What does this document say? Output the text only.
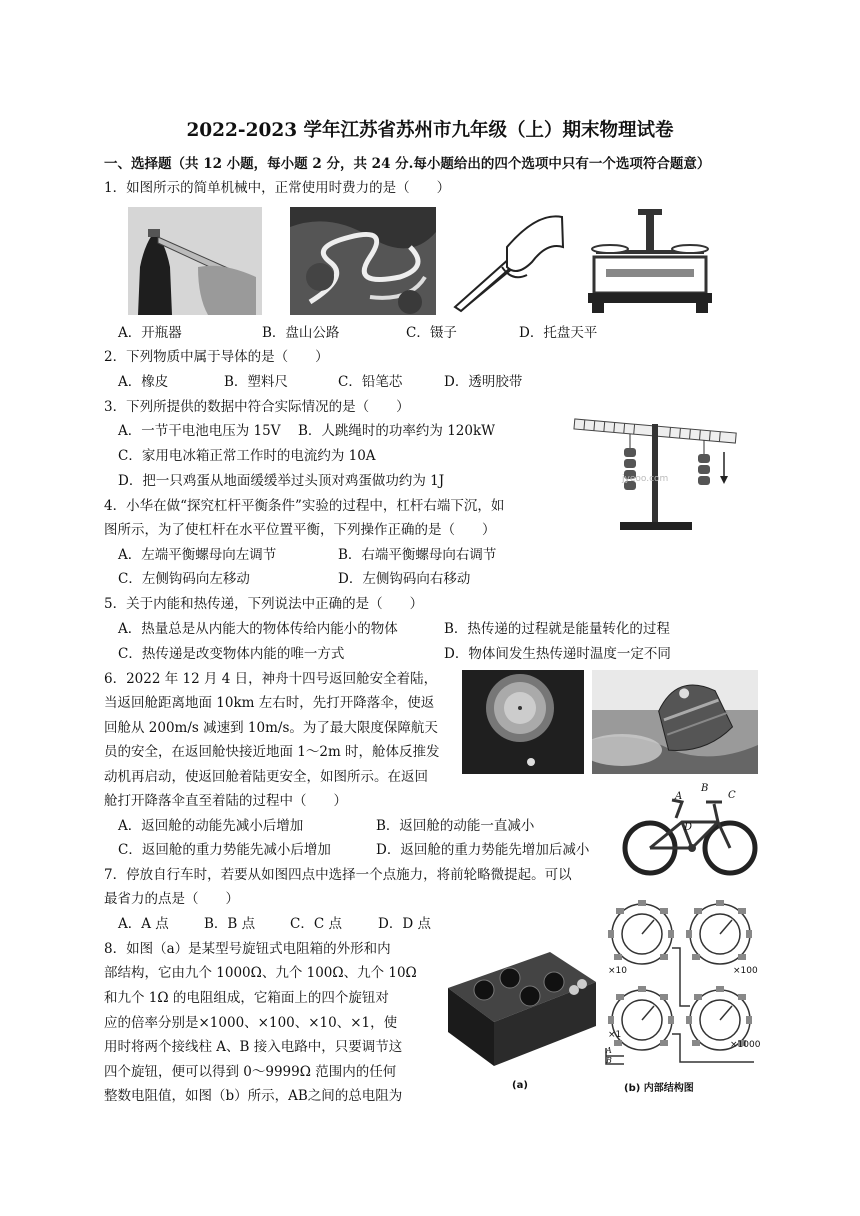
2022-2023 学年江苏省苏州市九年级（上）期末物理试卷
一、选择题（共 12 小题，每小题 2 分，共 24 分.每小题给出的四个选项中只有一个选项符合题意）
1．如图所示的简单机械中，正常使用时费力的是（　　）
A．开瓶器	B．盘山公路	C．镊子	D．托盘天平
2．下列物质中属于导体的是（　　）
A．橡皮	B．塑料尺	C．铅笔芯	D．透明胶带
3．下列所提供的数据中符合实际情况的是（　　）
A．一节干电池电压为 15V B．人跳绳时的功率约为 120kW
C．家用电冰箱正常工作时的电流约为 10A
D．把一只鸡蛋从地面缓缓举过头顶对鸡蛋做功约为 1J	jyeoo.com
4．小华在做“探究杠杆平衡条件”实验的过程中，杠杆右端下沉，如
图所示，为了使杠杆在水平位置平衡，下列操作正确的是（　　）
A．左端平衡螺母向左调节	B．右端平衡螺母向右调节
C．左侧钩码向左移动	D．左侧钩码向右移动
5．关于内能和热传递，下列说法中正确的是（　　）
A．热量总是从内能大的物体传给内能小的物体	B．热传递的过程就是能量转化的过程
C．热传递是改变物体内能的唯一方式	D．物体间发生热传递时温度一定不同
6．2022 年 12 月 4 日，神舟十四号返回舱安全着陆，
当返回舱距离地面 10km 左右时，先打开降落伞，使返
回舱从 200m/s 减速到 10m/s。为了最大限度保障航天
员的安全，在返回舱快接近地面 1～2m 时，舱体反推发
动机再启动，使返回舱着陆更安全，如图所示。在返回
舱打开降落伞直至着陆的过程中（　　）
A．返回舱的动能先减小后增加	B．返回舱的动能一直减小
C．返回舱的重力势能先减小后增加	D．返回舱的重力势能先增加后减小
A
B
C
D
7．停放自行车时，若要从如图四点中选择一个点施力，将前轮略微提起。可以
最省力的点是（　　）
A．A 点	B．B 点	C．C 点	D．D 点
8．如图（a）是某型号旋钮式电阻箱的外形和内
部结构，它由九个 1000Ω、九个 100Ω、九个 10Ω
和九个 1Ω 的电阻组成，它箱面上的四个旋钮对
应的倍率分别是×1000、×100、×10、×1，使
用时将两个接线柱 A、B 接入电路中，只要调节这
四个旋钮，便可以得到 0～9999Ω 范围内的任何
整数电阻值，如图（b）所示，AB之间的总电阻为
(a)
×10	×100
×1
×1000
A
B
(b) 内部结构图
